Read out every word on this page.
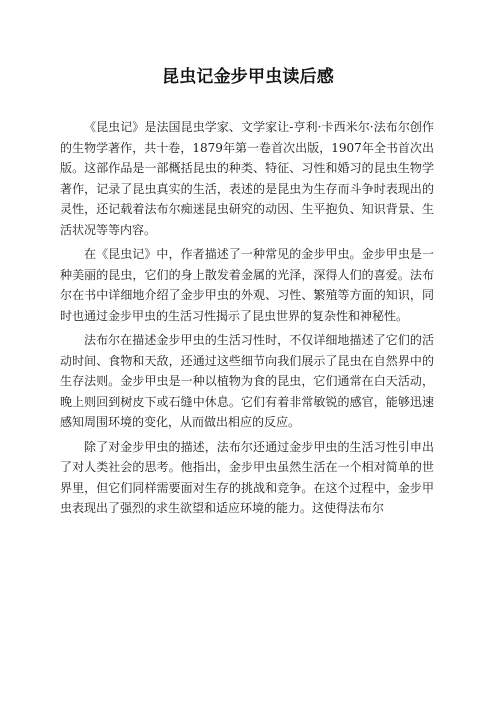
昆虫记金步甲虫读后感

《昆虫记》是法国昆虫学家、文学家让-亨利·卡西米尔·法布尔创作的生物学著作，共十卷，1879年第一卷首次出版，1907年全书首次出版。这部作品是一部概括昆虫的种类、特征、习性和婚习的昆虫生物学著作，记录了昆虫真实的生活，表述的是昆虫为生存而斗争时表现出的灵性，还记载着法布尔痴迷昆虫研究的动因、生平抱负、知识背景、生活状况等等内容。

在《昆虫记》中，作者描述了一种常见的金步甲虫。金步甲虫是一种美丽的昆虫，它们的身上散发着金属的光泽，深得人们的喜爱。法布尔在书中详细地介绍了金步甲虫的外观、习性、繁殖等方面的知识，同时也通过金步甲虫的生活习性揭示了昆虫世界的复杂性和神秘性。

法布尔在描述金步甲虫的生活习性时，不仅详细地描述了它们的活动时间、食物和天敌，还通过这些细节向我们展示了昆虫在自然界中的生存法则。金步甲虫是一种以植物为食的昆虫，它们通常在白天活动，晚上则回到树皮下或石缝中休息。它们有着非常敏锐的感官，能够迅速感知周围环境的变化，从而做出相应的反应。

除了对金步甲虫的描述，法布尔还通过金步甲虫的生活习性引申出了对人类社会的思考。他指出，金步甲虫虽然生活在一个相对简单的世界里，但它们同样需要面对生存的挑战和竞争。在这个过程中，金步甲虫表现出了强烈的求生欲望和适应环境的能力。这使得法布尔
